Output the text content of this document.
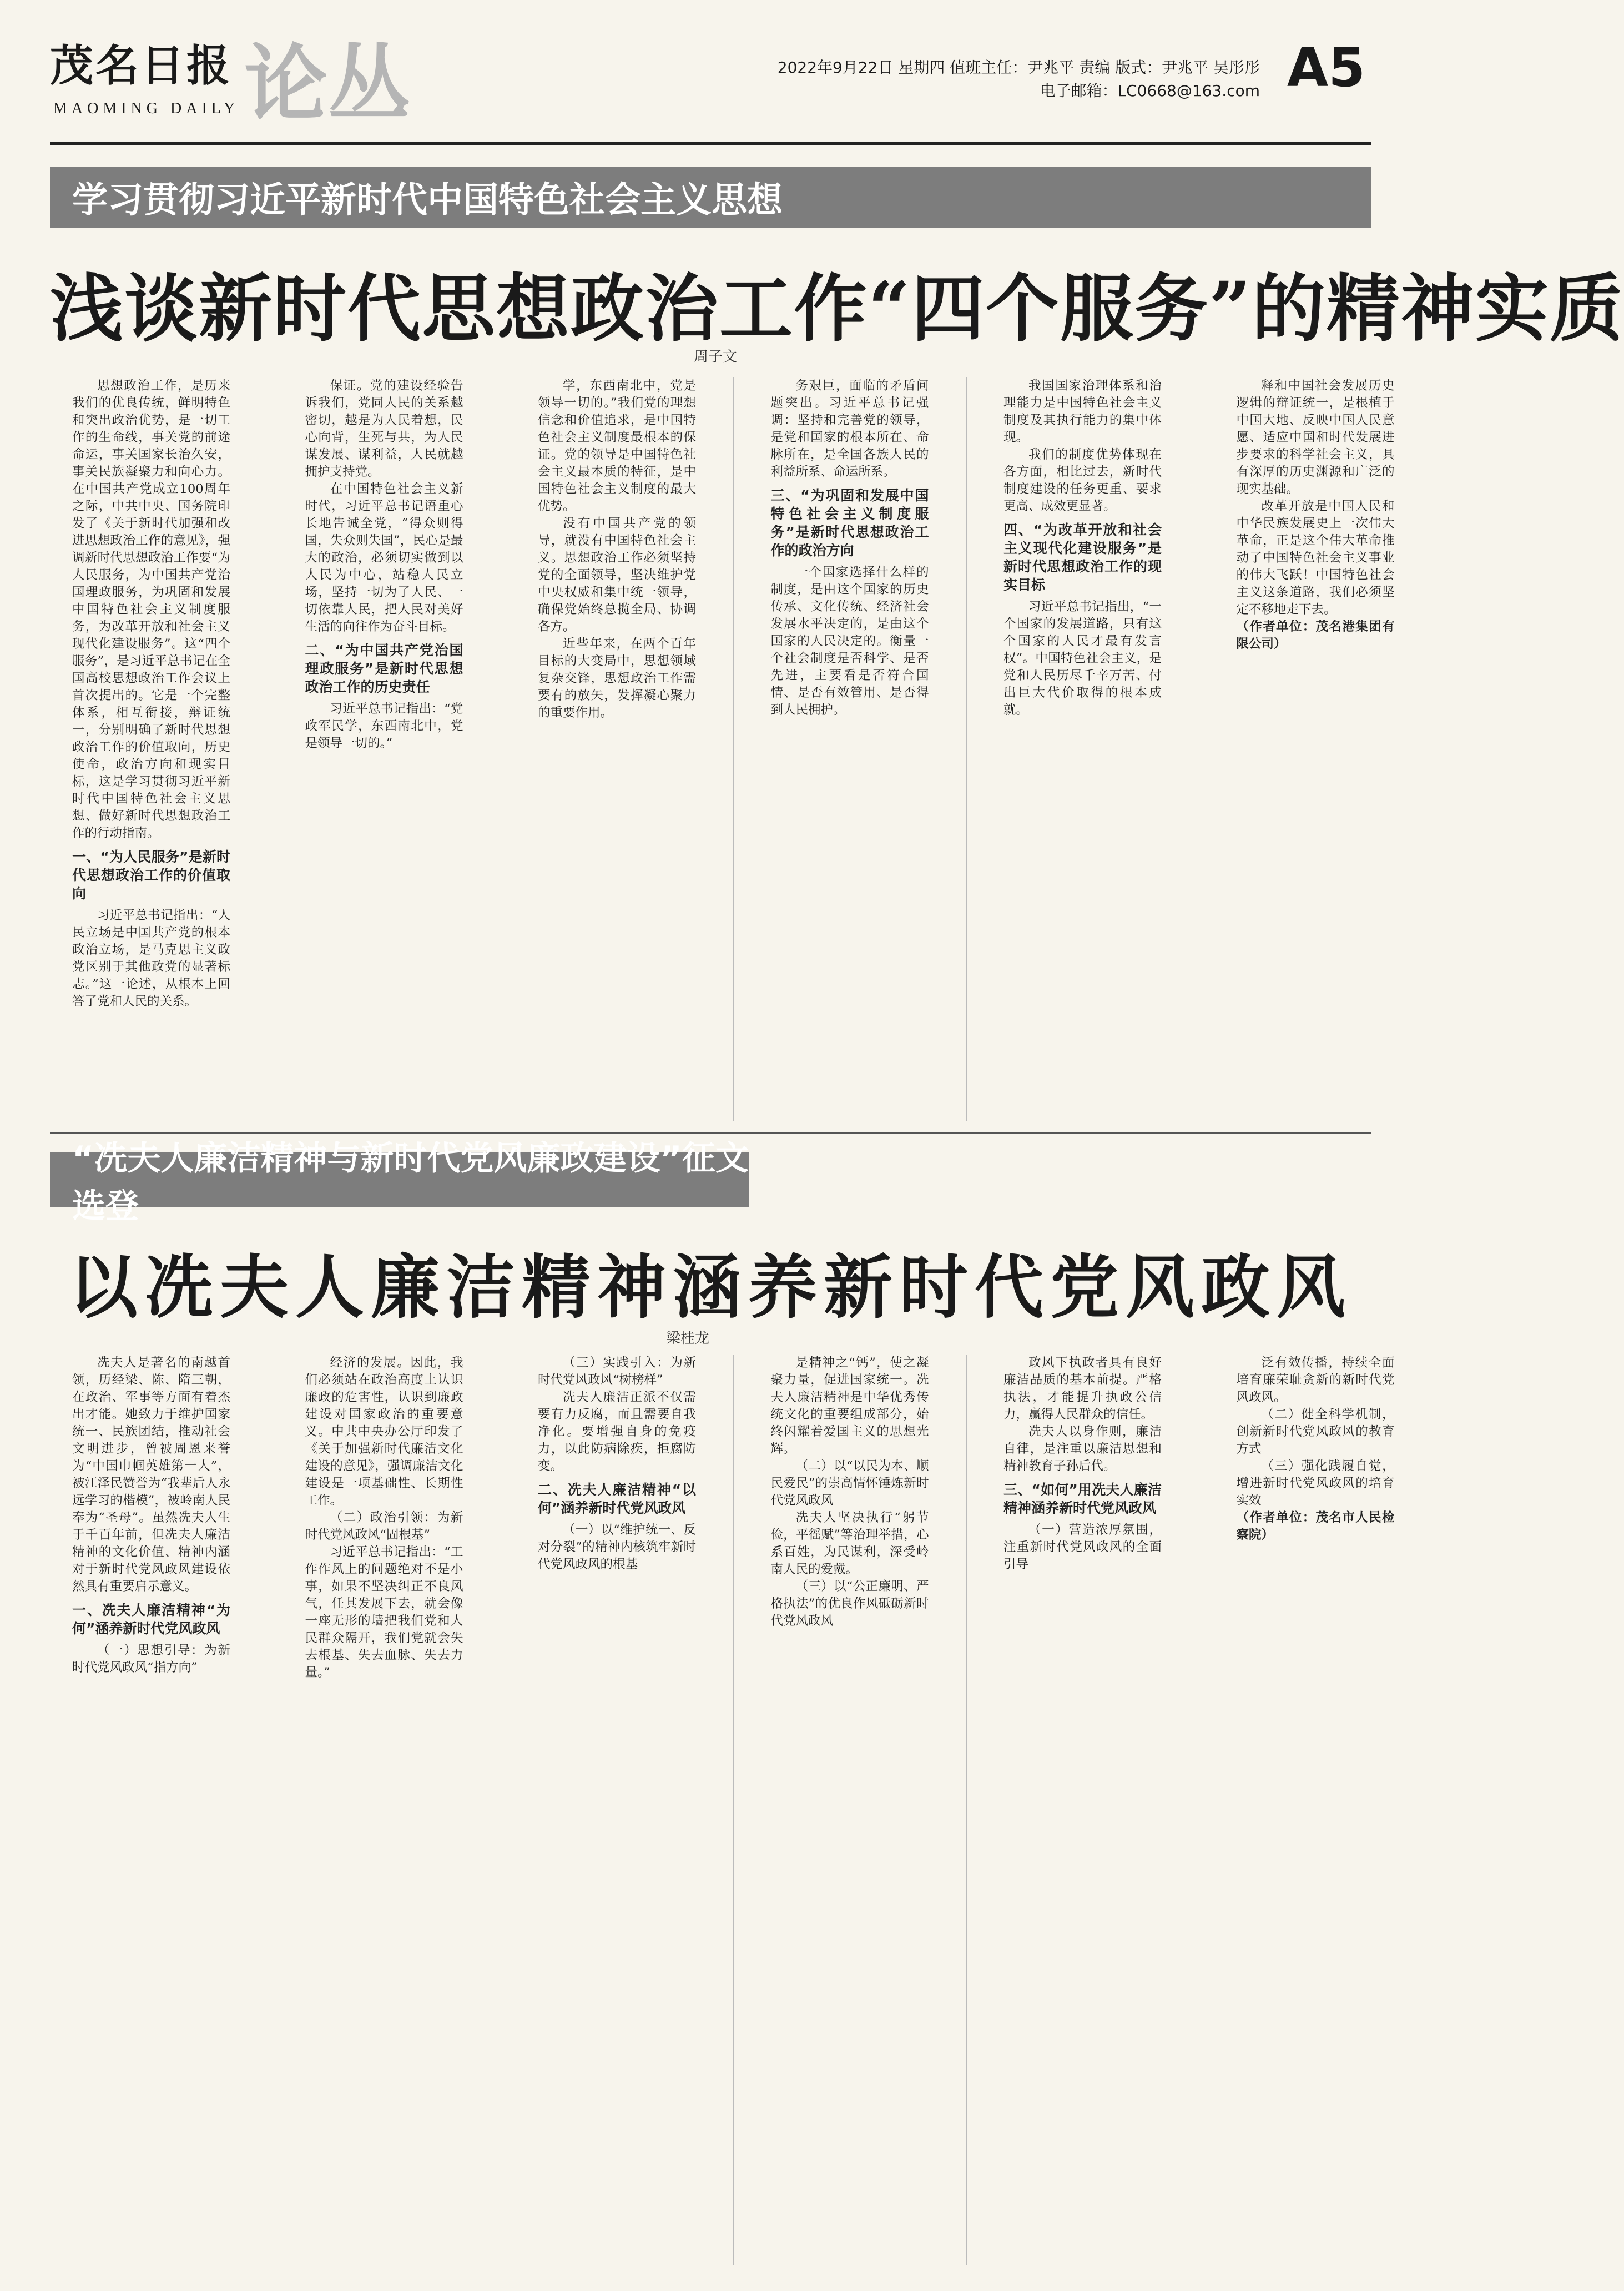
茂名日报
MAOMING DAILY 论丛	2022年9月22日 星期四 值班主任：尹兆平 责编 版式：尹兆平 吴彤彤
电子邮箱：LC0668@163.com A5
学习贯彻习近平新时代中国特色社会主义思想
浅谈新时代思想政治工作“四个服务”的精神实质
周子文

思想政治工作，是历来我们的优良传统，鲜明特色和突出政治优势，是一切工作的生命线，事关党的前途命运，事关国家长治久安，事关民族凝聚力和向心力。在中国共产党成立100周年之际，中共中央、国务院印发了《关于新时代加强和改进思想政治工作的意见》，强调新时代思想政治工作要“为人民服务，为中国共产党治国理政服务，为巩固和发展中国特色社会主义制度服务，为改革开放和社会主义现代化建设服务”。这“四个服务”，是习近平总书记在全国高校思想政治工作会议上首次提出的。它是一个完整体系，相互衔接，辩证统一，分别明确了新时代思想政治工作的价值取向，历史使命，政治方向和现实目标，这是学习贯彻习近平新时代中国特色社会主义思想、做好新时代思想政治工作的行动指南。

一、“为人民服务”是新时代思想政治工作的价值取向

习近平总书记指出：“人民立场是中国共产党的根本政治立场，是马克思主义政党区别于其他政党的显著标志。”这一论述，从根本上回答了党和人民的关系。

保证。党的建设经验告诉我们，党同人民的关系越密切，越是为人民着想，民心向背，生死与共，为人民谋发展、谋利益，人民就越拥护支持党。

在中国特色社会主义新时代，习近平总书记语重心长地告诫全党，“得众则得国，失众则失国”，民心是最大的政治，必须切实做到以人民为中心，站稳人民立场，坚持一切为了人民、一切依靠人民，把人民对美好生活的向往作为奋斗目标。

二、“为中国共产党治国理政服务”是新时代思想政治工作的历史责任

习近平总书记指出：“党政军民学，东西南北中，党是领导一切的。”

学，东西南北中，党是领导一切的。”我们党的理想信念和价值追求，是中国特色社会主义制度最根本的保证。党的领导是中国特色社会主义最本质的特征，是中国特色社会主义制度的最大优势。

没有中国共产党的领导，就没有中国特色社会主义。思想政治工作必须坚持党的全面领导，坚决维护党中央权威和集中统一领导，确保党始终总揽全局、协调各方。

近些年来，在两个百年目标的大变局中，思想领域复杂交锋，思想政治工作需要有的放矢，发挥凝心聚力的重要作用。

务艰巨，面临的矛盾问题突出。习近平总书记强调：坚持和完善党的领导，是党和国家的根本所在、命脉所在，是全国各族人民的利益所系、命运所系。

三、“为巩固和发展中国特色社会主义制度服务”是新时代思想政治工作的政治方向

一个国家选择什么样的制度，是由这个国家的历史传承、文化传统、经济社会发展水平决定的，是由这个国家的人民决定的。衡量一个社会制度是否科学、是否先进，主要看是否符合国情、是否有效管用、是否得到人民拥护。

我国国家治理体系和治理能力是中国特色社会主义制度及其执行能力的集中体现。

我们的制度优势体现在各方面，相比过去，新时代制度建设的任务更重、要求更高、成效更显著。

四、“为改革开放和社会主义现代化建设服务”是新时代思想政治工作的现实目标

习近平总书记指出，“一个国家的发展道路，只有这个国家的人民才最有发言权”。中国特色社会主义，是党和人民历尽千辛万苦、付出巨大代价取得的根本成就。

释和中国社会发展历史逻辑的辩证统一，是根植于中国大地、反映中国人民意愿、适应中国和时代发展进步要求的科学社会主义，具有深厚的历史渊源和广泛的现实基础。

改革开放是中国人民和中华民族发展史上一次伟大革命，正是这个伟大革命推动了中国特色社会主义事业的伟大飞跃！中国特色社会主义这条道路，我们必须坚定不移地走下去。

（作者单位：茂名港集团有限公司）

“冼夫人廉洁精神与新时代党风廉政建设”征文选登
以冼夫人廉洁精神涵养新时代党风政风
梁桂龙

冼夫人是著名的南越首领，历经梁、陈、隋三朝，在政治、军事等方面有着杰出才能。她致力于维护国家统一、民族团结，推动社会文明进步，曾被周恩来誉为“中国巾帼英雄第一人”，被江泽民赞誉为“我辈后人永远学习的楷模”，被岭南人民奉为“圣母”。虽然冼夫人生于千百年前，但冼夫人廉洁精神的文化价值、精神内涵对于新时代党风政风建设依然具有重要启示意义。

一、冼夫人廉洁精神“为何”涵养新时代党风政风

（一）思想引导：为新时代党风政风“指方向”

经济的发展。因此，我们必须站在政治高度上认识廉政的危害性，认识到廉政建设对国家政治的重要意义。中共中央办公厅印发了《关于加强新时代廉洁文化建设的意见》，强调廉洁文化建设是一项基础性、长期性工作。

（二）政治引领：为新时代党风政风“固根基”

习近平总书记指出：“工作作风上的问题绝对不是小事，如果不坚决纠正不良风气，任其发展下去，就会像一座无形的墙把我们党和人民群众隔开，我们党就会失去根基、失去血脉、失去力量。”

（三）实践引入：为新时代党风政风“树榜样”

冼夫人廉洁正派不仅需要有力反腐，而且需要自我净化。要增强自身的免疫力，以此防病除疾，拒腐防变。

二、冼夫人廉洁精神“以何”涵养新时代党风政风

（一）以“维护统一、反对分裂”的精神内核筑牢新时代党风政风的根基

是精神之“钙”，使之凝聚力量，促进国家统一。冼夫人廉洁精神是中华优秀传统文化的重要组成部分，始终闪耀着爱国主义的思想光辉。

（二）以“以民为本、顺民爱民”的崇高情怀锤炼新时代党风政风

冼夫人坚决执行“躬节俭，平徭赋”等治理举措，心系百姓，为民谋利，深受岭南人民的爱戴。

（三）以“公正廉明、严格执法”的优良作风砥砺新时代党风政风

政风下执政者具有良好廉洁品质的基本前提。严格执法，才能提升执政公信力，赢得人民群众的信任。

冼夫人以身作则，廉洁自律，是注重以廉洁思想和精神教育子孙后代。

三、“如何”用冼夫人廉洁精神涵养新时代党风政风

（一）营造浓厚氛围，注重新时代党风政风的全面引导

泛有效传播，持续全面培育廉荣耻贪新的新时代党风政风。

（二）健全科学机制，创新新时代党风政风的教育方式

（三）强化践履自觉，增进新时代党风政风的培育实效

（作者单位：茂名市人民检察院）
